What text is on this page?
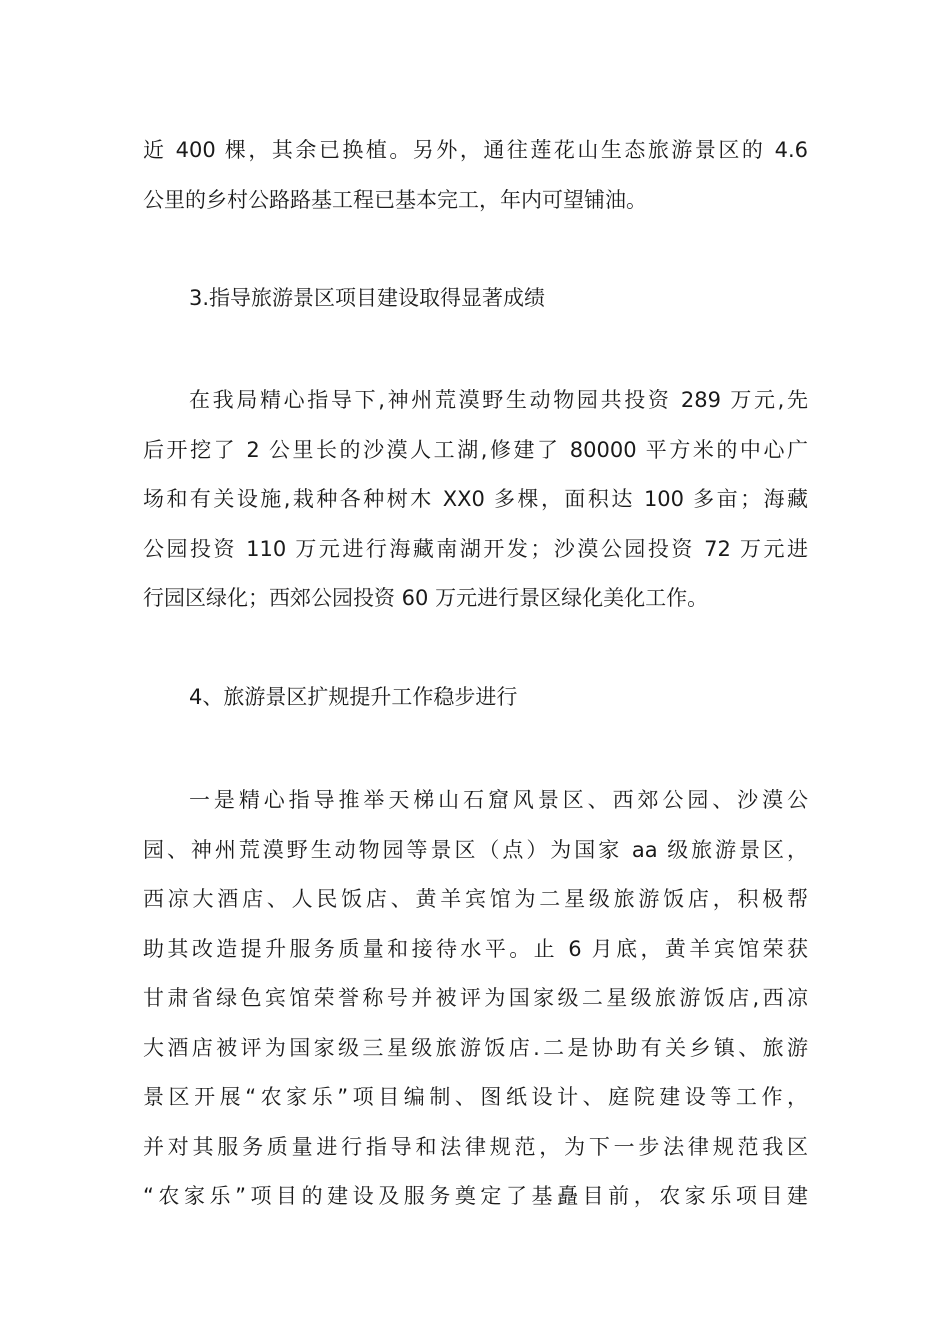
近 400 棵，其余已换植。另外，通往莲花山生态旅游景区的 4.6
公里的乡村公路路基工程已基本完工，年内可望铺油。
3.指导旅游景区项目建设取得显著成绩
在我局精心指导下,神州荒漠野生动物园共投资 289 万元,先
后开挖了 2 公里长的沙漠人工湖,修建了 80000 平方米的中心广
场和有关设施,栽种各种树木 XX0 多棵，面积达 100 多亩；海藏
公园投资 110 万元进行海藏南湖开发；沙漠公园投资 72 万元进
行园区绿化；西郊公园投资 60 万元进行景区绿化美化工作。
4、旅游景区扩规提升工作稳步进行
一是精心指导推举天梯山石窟风景区、西郊公园、沙漠公
园、神州荒漠野生动物园等景区（点）为国家 aa 级旅游景区，
西凉大酒店、人民饭店、黄羊宾馆为二星级旅游饭店，积极帮
助其改造提升服务质量和接待水平。止 6 月底，黄羊宾馆荣获
甘肃省绿色宾馆荣誉称号并被评为国家级二星级旅游饭店,西凉
大酒店被评为国家级三星级旅游饭店.二是协助有关乡镇、旅游
景区开展“农家乐”项目编制、图纸设计、庭院建设等工作，
并对其服务质量进行指导和法律规范，为下一步法律规范我区
“农家乐”项目的建设及服务奠定了基矗目前，农家乐项目建
